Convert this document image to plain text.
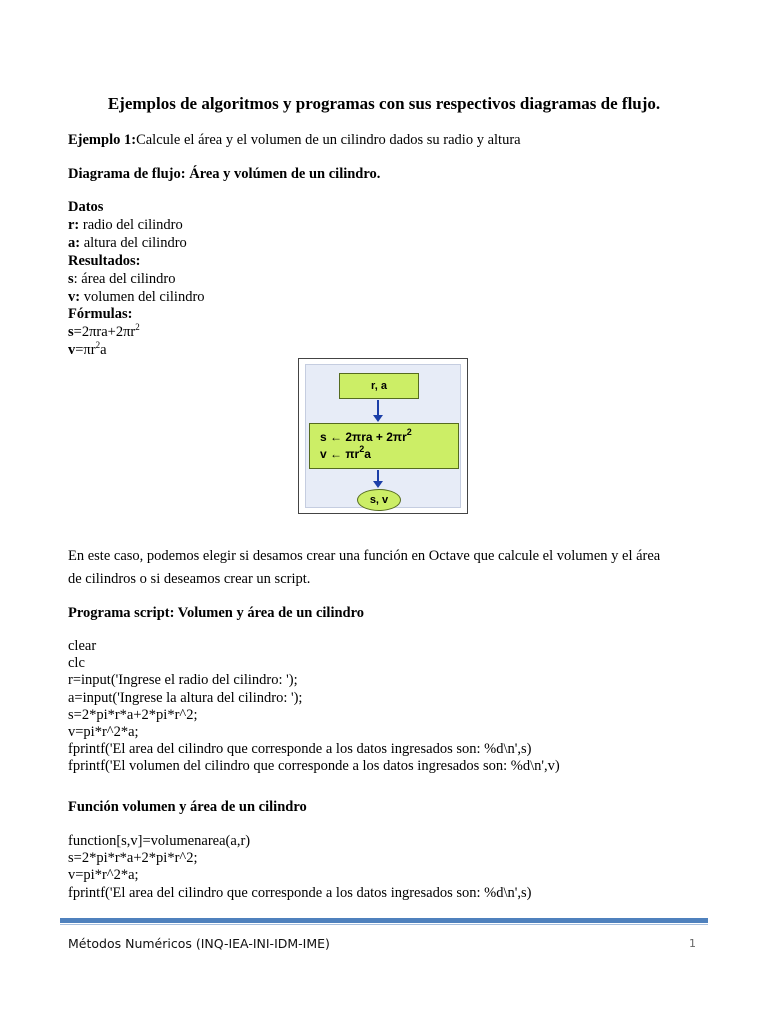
Ejemplos de algoritmos y programas con sus respectivos diagramas de flujo.
Ejemplo 1:Calcule el área y el volumen de un cilindro dados su radio y altura
Diagrama de flujo: Área y volúmen de un cilindro.
Datos
r: radio del cilindro
a: altura del cilindro
Resultados:
s: área del cilindro
v: volumen del cilindro
Fórmulas:
$s=2\pi ra+2\pi r^2$
$v=\pi r^2a$
r, a
s ← $2\pi ra + 2\pi r^2$
v ← $\pi r^2a$
s, v
En este caso, podemos elegir si desamos crear una función en Octave que calcule el volumen y el área
de cilindros o si deseamos crear un script.
Programa script: Volumen y área de un cilindro
clear
clc
r=input('Ingrese el radio del cilindro: ');
a=input('Ingrese la altura del cilindro: ');
s=2*pi*r*a+2*pi*r^2;
v=pi*r^2*a;
fprintf('El area del cilindro que corresponde a los datos ingresados son: %d\n',s)
fprintf('El volumen del cilindro que corresponde a los datos ingresados son: %d\n',v)
Función volumen y área de un cilindro
function[s,v]=volumenarea(a,r)
s=2*pi*r*a+2*pi*r^2;
v=pi*r^2*a;
fprintf('El area del cilindro que corresponde a los datos ingresados son: %d\n',s)
Métodos Numéricos (INQ-IEA-INI-IDM-IME)	1
